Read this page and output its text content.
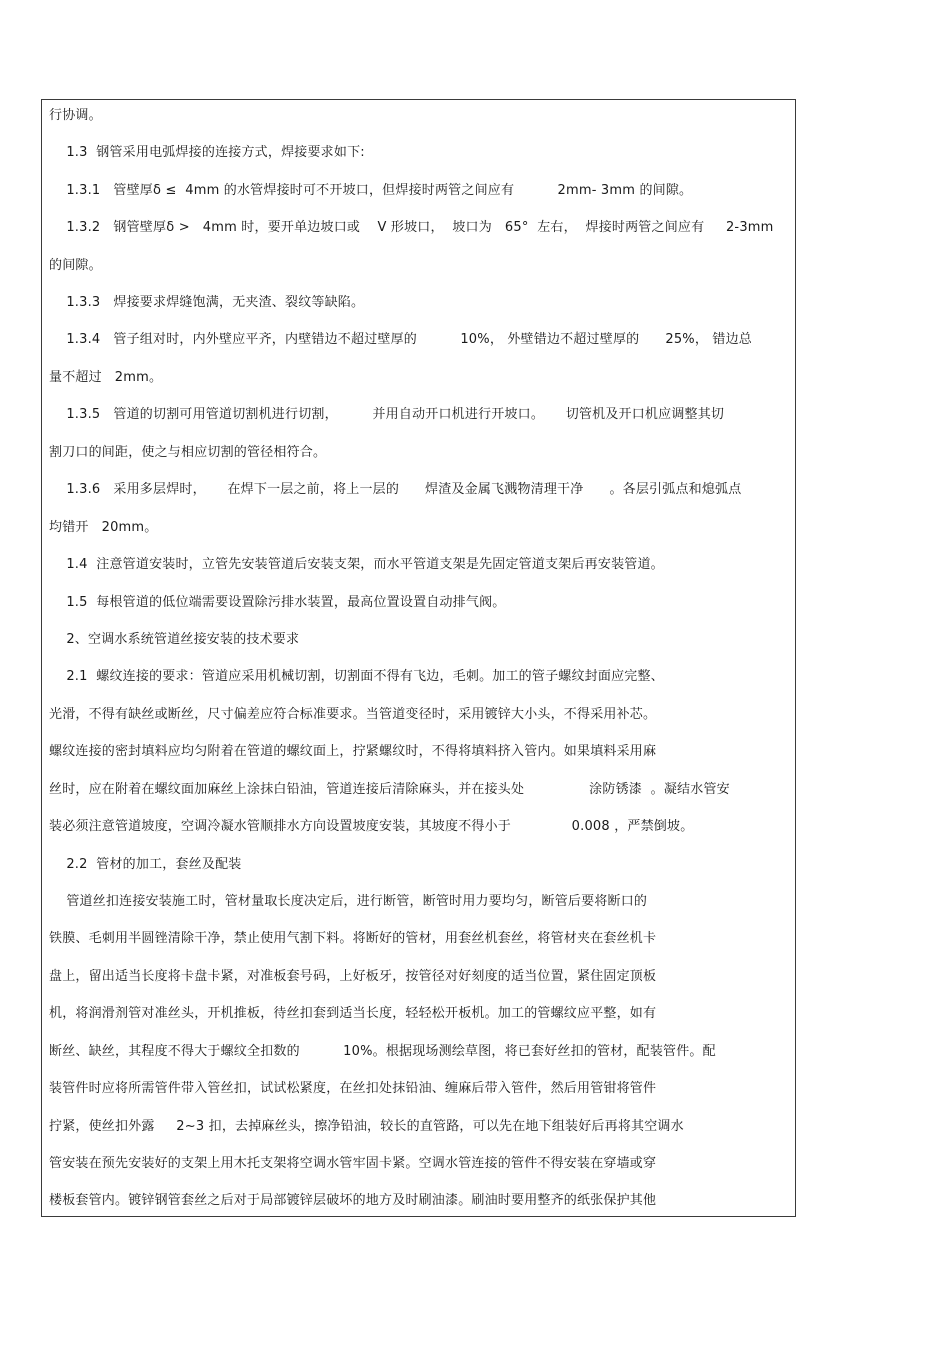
行协调。
1.3  钢管采用电弧焊接的连接方式，焊接要求如下:
1.3.1   管壁厚δ ≤  4mm 的水管焊接时可不开坡口，但焊接时两管之间应有          2mm- 3mm 的间隙。
1.3.2   钢管壁厚δ >   4mm 时，要开单边坡口或    V 形坡口，  坡口为   65°  左右，  焊接时两管之间应有     2-3mm
的间隙。
1.3.3   焊接要求焊缝饱满，无夹渣、裂纹等缺陷。
1.3.4   管子组对时，内外壁应平齐，内壁错边不超过壁厚的          10%， 外壁错边不超过壁厚的      25%， 错边总
量不超过   2mm。
1.3.5   管道的切割可用管道切割机进行切割，        并用自动开口机进行开坡口。     切管机及开口机应调整其切
割刀口的间距，使之与相应切割的管径相符合。
1.3.6   采用多层焊时，     在焊下一层之前，将上一层的      焊渣及金属飞溅物清理干净      。各层引弧点和熄弧点
均错开   20mm。
1.4  注意管道安装时，立管先安装管道后安装支架，而水平管道支架是先固定管道支架后再安装管道。
1.5  每根管道的低位端需要设置除污排水装置，最高位置设置自动排气阀。
2、空调水系统管道丝接安装的技术要求
2.1  螺纹连接的要求：管道应采用机械切割，切割面不得有飞边，毛刺。加工的管子螺纹封面应完整、
光滑，不得有缺丝或断丝，尺寸偏差应符合标准要求。当管道变径时，采用镀锌大小头，不得采用补芯。
螺纹连接的密封填料应均匀附着在管道的螺纹面上，拧紧螺纹时，不得将填料挤入管内。如果填料采用麻
丝时，应在附着在螺纹面加麻丝上涂抹白铅油，管道连接后清除麻头，并在接头处               涂防锈漆  。凝结水管安
装必须注意管道坡度，空调冷凝水管顺排水方向设置坡度安装，其坡度不得小于              0.008 ，严禁倒坡。
2.2  管材的加工，套丝及配装
管道丝扣连接安装施工时，管材量取长度决定后，进行断管，断管时用力要均匀，断管后要将断口的
铁膜、毛刺用半圆锉清除干净，禁止使用气割下料。将断好的管材，用套丝机套丝，将管材夹在套丝机卡
盘上，留出适当长度将卡盘卡紧，对准板套号码，上好板牙，按管径对好刻度的适当位置，紧住固定顶板
机，将润滑剂管对准丝头，开机推板，待丝扣套到适当长度，轻轻松开板机。加工的管螺纹应平整，如有
断丝、缺丝，其程度不得大于螺纹全扣数的          10%。根据现场测绘草图，将已套好丝扣的管材，配装管件。配
装管件时应将所需管件带入管丝扣，试试松紧度，在丝扣处抹铅油、缠麻后带入管件，然后用管钳将管件
拧紧，使丝扣外露     2~3 扣，去掉麻丝头，擦净铅油，较长的直管路，可以先在地下组装好后再将其空调水
管安装在预先安装好的支架上用木托支架将空调水管牢固卡紧。空调水管连接的管件不得安装在穿墙或穿
楼板套管内。镀锌钢管套丝之后对于局部镀锌层破坏的地方及时刷油漆。刷油时要用整齐的纸张保护其他
